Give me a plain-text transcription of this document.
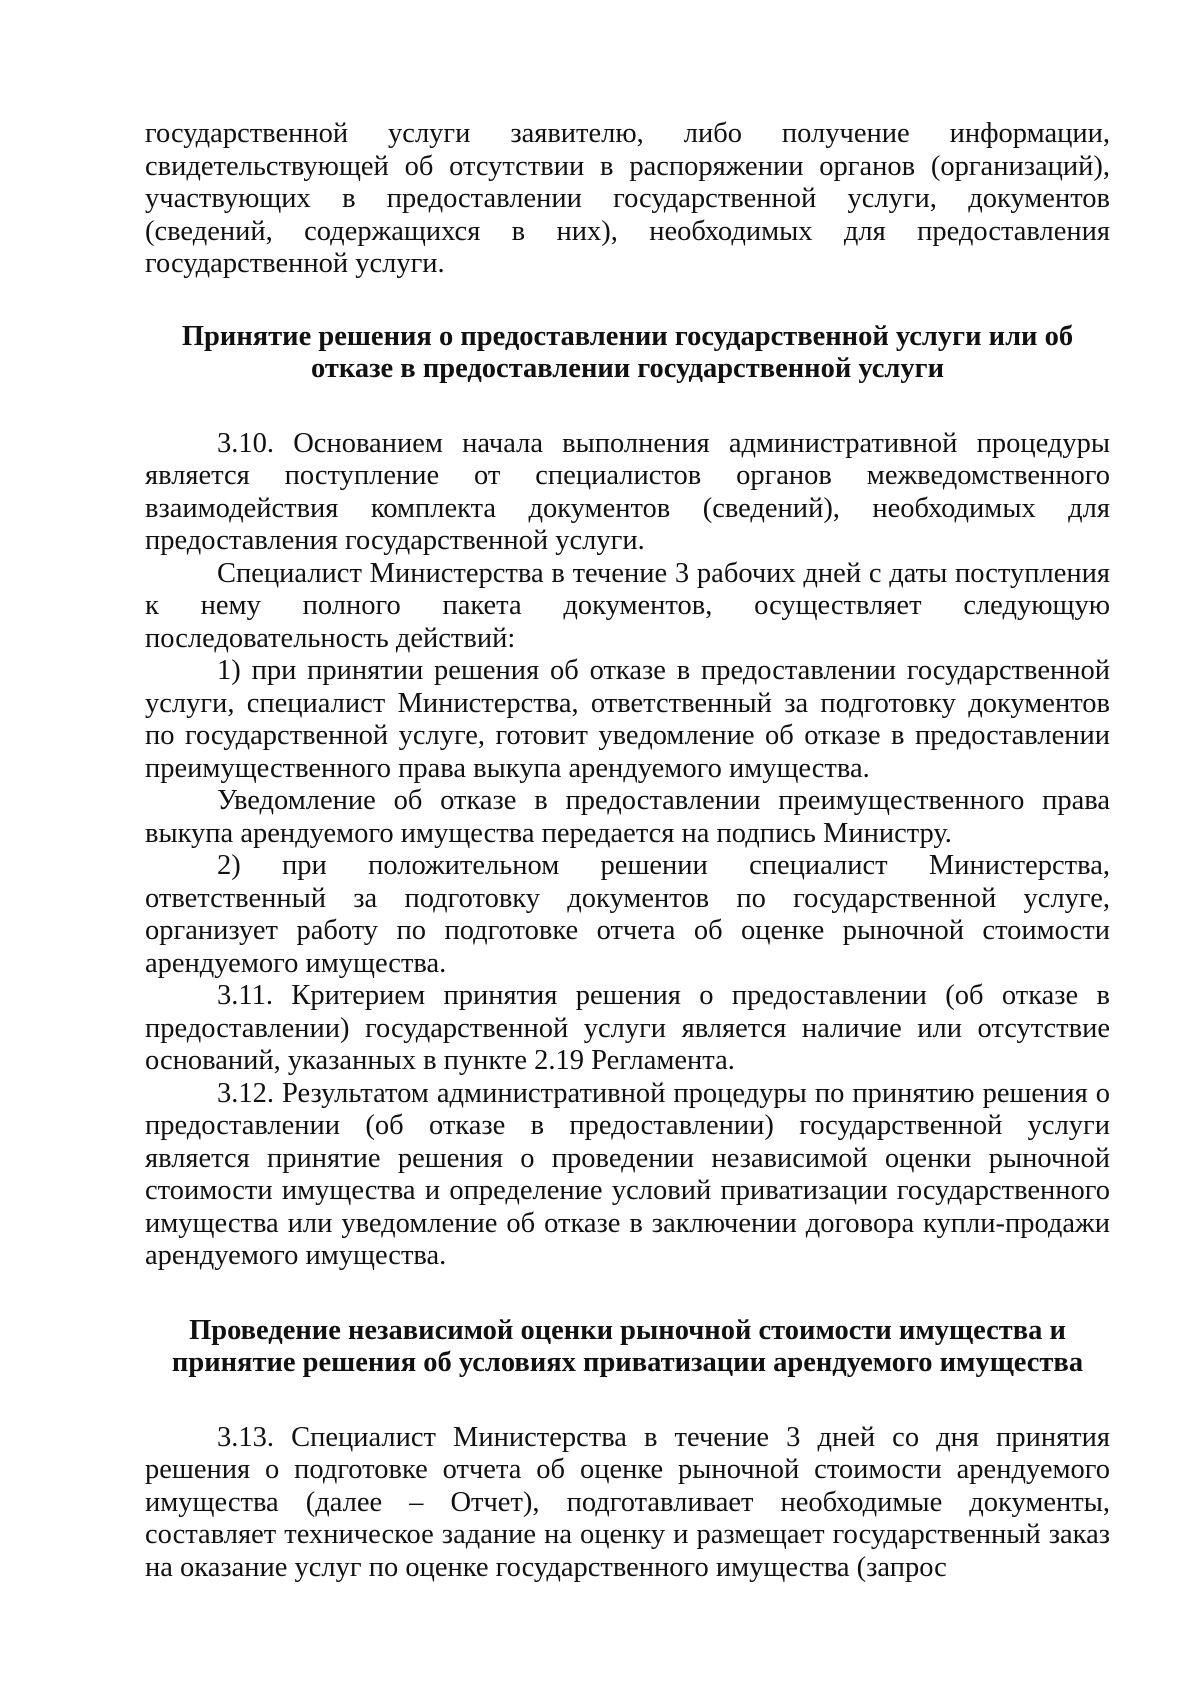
государственной услуги заявителю, либо получение информации, свидетельствующей об отсутствии в распоряжении органов (организаций), участвующих в предоставлении государственной услуги, документов (сведений, содержащихся в них), необходимых для предоставления государственной услуги.

Принятие решения о предоставлении государственной услуги или об
отказе в предоставлении государственной услуги

3.10. Основанием начала выполнения административной процедуры является поступление от специалистов органов межведомственного взаимодействия комплекта документов (сведений), необходимых для предоставления государственной услуги.

Специалист Министерства в течение 3 рабочих дней с даты поступления к нему полного пакета документов, осуществляет следующую последовательность действий:

1) при принятии решения об отказе в предоставлении государственной услуги, специалист Министерства, ответственный за подготовку документов по государственной услуге, готовит уведомление об отказе в предоставлении преимущественного права выкупа арендуемого имущества.

Уведомление об отказе в предоставлении преимущественного права выкупа арендуемого имущества передается на подпись Министру.

2) при положительном решении специалист Министерства, ответственный за подготовку документов по государственной услуге, организует работу по подготовке отчета об оценке рыночной стоимости арендуемого имущества.

3.11. Критерием принятия решения о предоставлении (об отказе в предоставлении) государственной услуги является наличие или отсутствие оснований, указанных в пункте 2.19 Регламента.

3.12. Результатом административной процедуры по принятию решения о предоставлении (об отказе в предоставлении) государственной услуги является принятие решения о проведении независимой оценки рыночной стоимости имущества и определение условий приватизации государственного имущества или уведомление об отказе в заключении договора купли-продажи арендуемого имущества.

Проведение независимой оценки рыночной стоимости имущества и
принятие решения об условиях приватизации арендуемого имущества

3.13. Специалист Министерства в течение 3 дней со дня принятия решения о подготовке отчета об оценке рыночной стоимости арендуемого имущества (далее – Отчет), подготавливает необходимые документы, составляет техническое задание на оценку и размещает государственный заказ на оказание услуг по оценке государственного имущества (запрос
